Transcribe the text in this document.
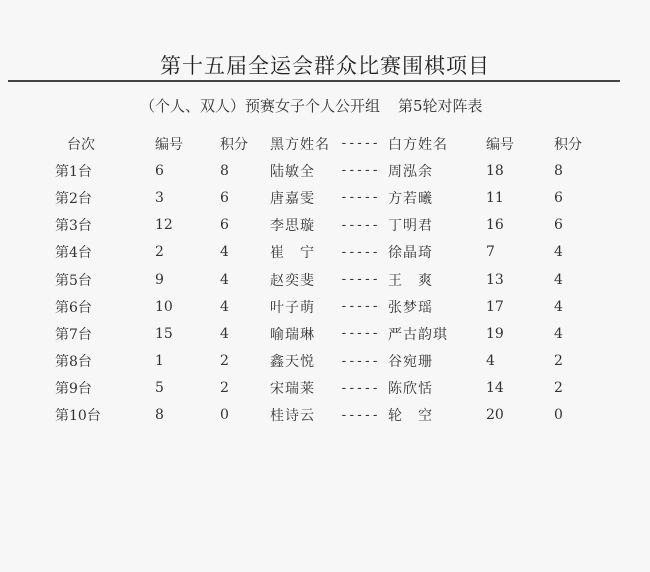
第十五届全运会群众比赛围棋项目
（个人、双人）预赛女子个人公开组 第5轮对阵表
台次	编号	积分	黑方姓名	-----	白方姓名	编号	积分
第1台	6	8	陆敏全	-----	周泓余	18	8
第2台	3	6	唐嘉雯	-----	方若曦	11	6
第3台	12	6	李思璇	-----	丁明君	16	6
第4台	2	4	崔　宁	-----	徐晶琦	7	4
第5台	9	4	赵奕斐	-----	王　爽	13	4
第6台	10	4	叶子萌	-----	张梦瑶	17	4
第7台	15	4	喻瑞琳	-----	严古韵琪	19	4
第8台	1	2	鑫天悦	-----	谷宛珊	4	2
第9台	5	2	宋瑞莱	-----	陈欣恬	14	2
第10台	8	0	桂诗云	-----	轮　空	20	0
